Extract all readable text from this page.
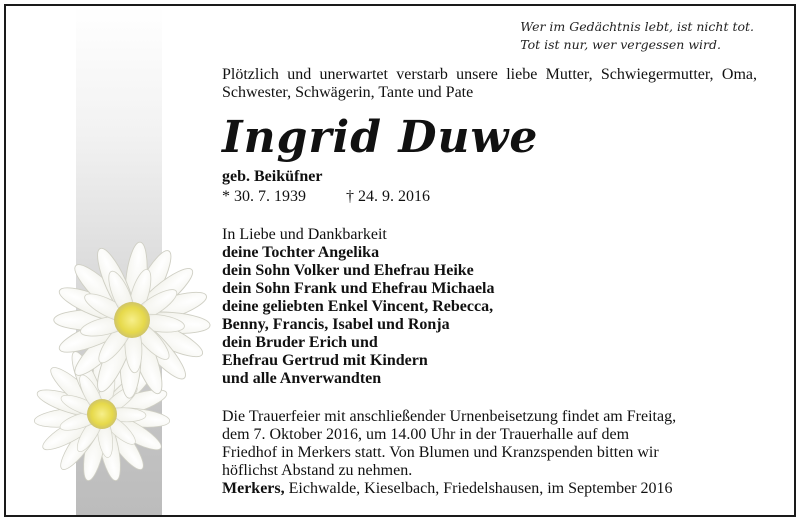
Wer im Gedächtnis lebt, ist nicht tot.
Tot ist nur, wer vergessen wird.

Plötzlich und unerwartet verstarb unsere liebe Mutter, Schwiegermutter, Oma, Schwester, Schwägerin, Tante und Pate

Ingrid Duwe

geb. Beiküfner

* 30. 7. 1939	† 24. 9. 2016

In Liebe und Dankbarkeit

deine Tochter Angelika
dein Sohn Volker und Ehefrau Heike
dein Sohn Frank und Ehefrau Michaela
deine geliebten Enkel Vincent, Rebecca,
Benny, Francis, Isabel und Ronja
dein Bruder Erich und
Ehefrau Gertrud mit Kindern
und alle Anverwandten
Die Trauerfeier mit anschließender Urnenbeisetzung findet am Freitag,
dem 7. Oktober 2016, um 14.00 Uhr in der Trauerhalle auf dem
Friedhof in Merkers statt. Von Blumen und Kranzspenden bitten wir
höflichst Abstand zu nehmen.

Merkers, Eichwalde, Kieselbach, Friedelshausen, im September 2016
